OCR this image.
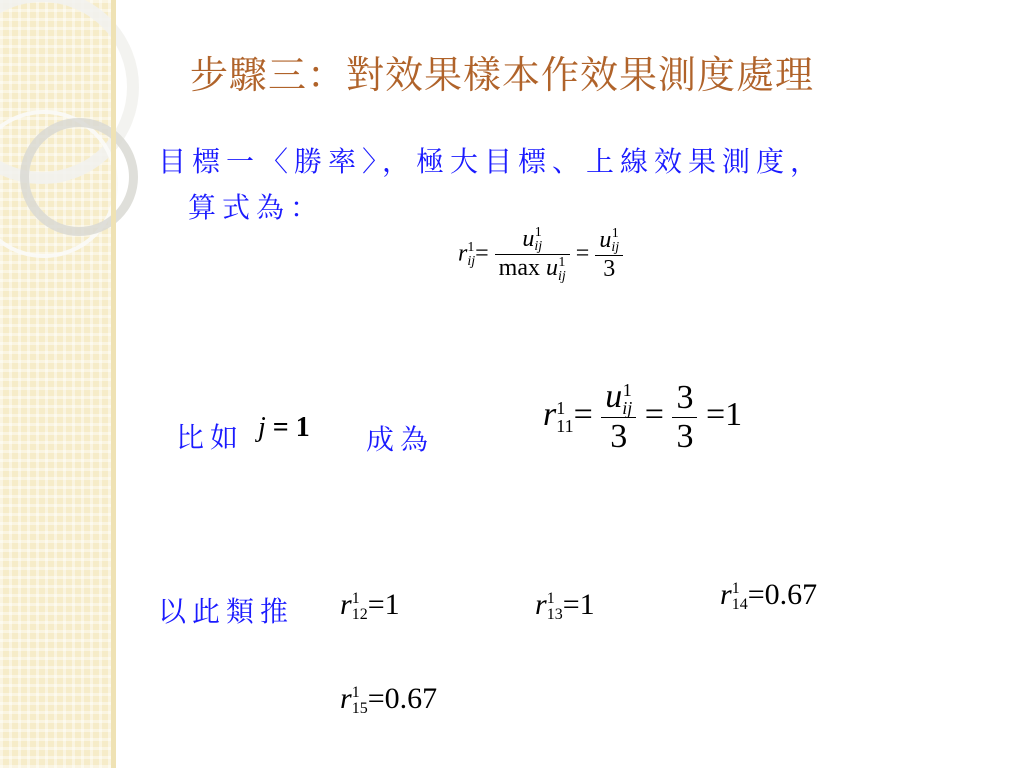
步驟三：對效果樣本作效果測度處理
目標一〈勝率〉，極大目標、上線效果測度，
算式為：
r 1
ij = u 1
ij
max u 1
ij = u 1
ij
3
比如 j = 1 成為
r 1
11 = u 1
ij
$3 = \frac{3}{3} =1$
以此類推 r 1
12 =1	r 1
13 =1	r 1
14 =0.67
r 1
15 =0.67
